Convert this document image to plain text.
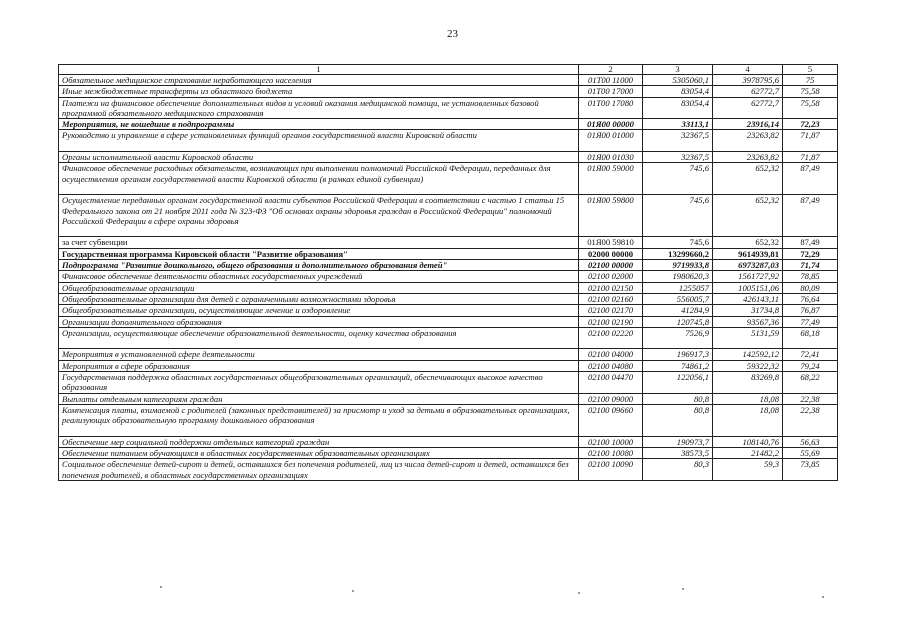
23
1	2	3	4	5
Обязательное медицинское страхование неработающего населения	01Т00 11000	5305060,1	3978795,6	75
Иные межбюджетные трансферты из областного бюджета	01Т00 17000	83054,4	62772,7	75,58
Платежи на финансовое обеспечение дополнительных видов и условий оказания медицинской помощи, не установленных базовой программой обязательного медицинского страхования	01Т00 17080	83054,4	62772,7	75,58
Мероприятия, не вошедшие в подпрограммы	01Я00 00000	33113,1	23916,14	72,23
Руководство и управление в сфере установленных функций органов государственной власти Кировской области	01Я00 01000	32367,5	23263,82	71,87
Органы исполнительной власти Кировской области	01Я00 01030	32367,5	23263,82	71,87
Финансовое обеспечение расходных обязательств, возникающих при выполнении полномочий Российской Федерации, переданных для осуществления органам государственной власти Кировской области (в рамках единой субвенции)	01Я00 59000	745,6	652,32	87,49
Осуществление переданных органам государственной власти субъектов Российской Федерации в соответствии с частью 1 статьи 15 Федерального закона от 21 ноября 2011 года № 323-ФЗ "Об основах охраны здоровья граждан в Российской Федерации" полномочий Российской Федерации в сфере охраны здоровья	01Я00 59800	745,6	652,32	87,49
за счет субвенции	01Я00 59810	745,6	652,32	87,49
Государственная программа Кировской области "Развитие образования"	02000 00000	13299660,2	9614939,81	72,29
Подпрограмма "Развитие дошкольного, общего образования и дополнительного образования детей"	02100 00000	9719933,8	6973287,03	71,74
Финансовое обеспечение деятельности областных государственных учреждений	02100 02000	1980620,3	1561727,92	78,85
Общеобразовательные организации	02100 02150	1255057	1005151,06	80,09
Общеобразовательные организации для детей с ограниченными возможностями здоровья	02100 02160	556005,7	426143,11	76,64
Общеобразовательные организации, осуществляющие лечение и оздоровление	02100 02170	41284,9	31734,8	76,87
Организации дополнительного образования	02100 02190	120745,8	93567,36	77,49
Организации, осуществляющие обеспечение образовательной деятельности, оценку качества образования	02100 02220	7526,9	5131,59	68,18
Мероприятия в установленной сфере деятельности	02100 04000	196917,3	142592,12	72,41
Мероприятия в сфере образования	02100 04080	74861,2	59322,32	79,24
Государственная поддержка областных государственных общеобразовательных организаций, обеспечивающих высокое качество образования	02100 04470	122056,1	83269,8	68,22
Выплаты отдельным категориям граждан	02100 09000	80,8	18,08	22,38
Компенсация платы, взимаемой с родителей (законных представителей) за присмотр и уход за детьми в образовательных организациях, реализующих образовательную программу дошкольного образования	02100 09660	80,8	18,08	22,38
Обеспечение мер социальной поддержки отдельных категорий граждан	02100 10000	190973,7	108140,76	56,63
Обеспечение питанием обучающихся в областных государственных образовательных организациях	02100 10080	38573,5	21482,2	55,69
Социальное обеспечение детей-сирот и детей, оставшихся без попечения родителей, лиц из числа детей-сирот и детей, оставшихся без попечения родителей, в областных государственных организациях	02100 10090	80,3	59,3	73,85
